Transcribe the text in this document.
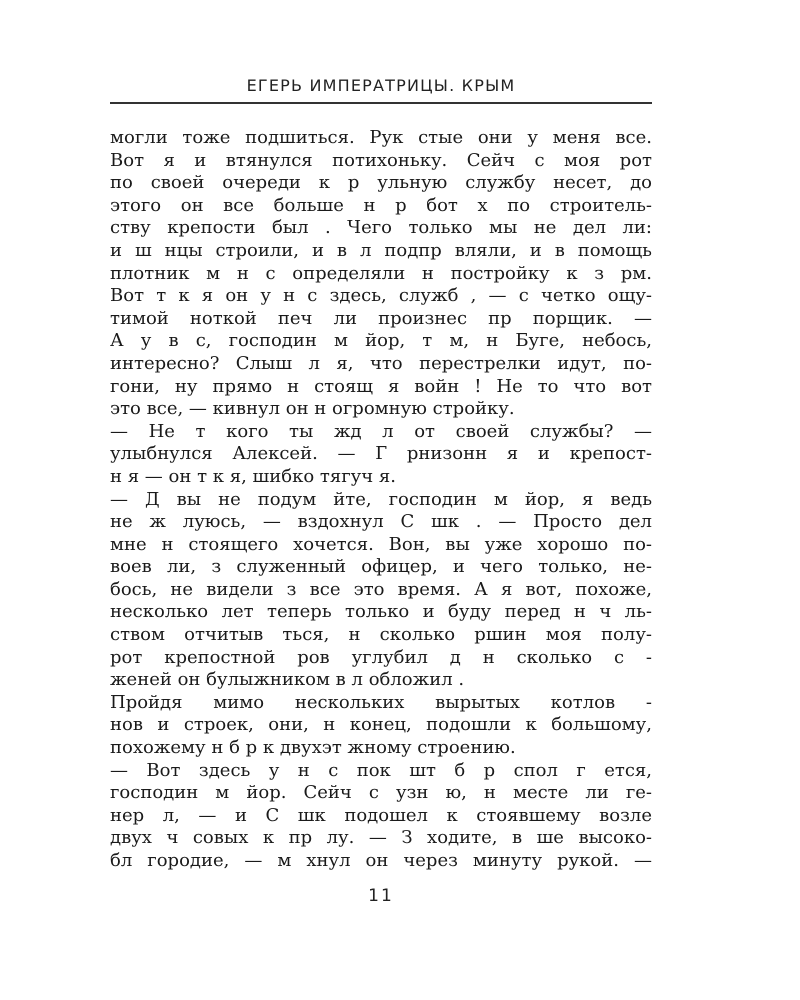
ЕГЕРЬ ИМПЕРАТРИЦЫ. КРЫМ
могли тоже подшиться. Рук стые они у меня все.
Вот я и втянулся потихоньку. Сейч с моя рот
по своей очереди к р ульную службу несет, до
этого он все больше н р бот х по строитель-
ству крепости был . Чего только мы не дел ли:
и ш нцы строили, и в л подпр вляли, и в помощь
плотник м н с определяли н постройку к з рм.
Вот т к я он у н с здесь, служб , — с четко ощу-
тимой ноткой печ ли произнес пр порщик. —
А у в с, господин м йор, т м, н Буге, небось,
интересно? Слыш л я, что перестрелки идут, по-
гони, ну прямо н стоящ я войн ! Не то что вот
это все, — кивнул он н огромную стройку.
— Не т кого ты жд л от своей службы? —
улыбнулся Алексей. — Г рнизонн я и крепост-
н я — он т к я, шибко тягуч я.
— Д вы не подум йте, господин м йор, я ведь
не ж луюсь, — вздохнул С шк . — Просто дел
мне н стоящего хочется. Вон, вы уже хорошо по-
воев ли, з служенный офицер, и чего только, не-
бось, не видели з все это время. А я вот, похоже,
несколько лет теперь только и буду перед н ч ль-
ством отчитыв ться, н сколько ршин моя полу-
рот крепостной ров углубил д н сколько с -
женей он булыжником в л обложил .
Пройдя мимо нескольких вырытых котлов -
нов и строек, они, н конец, подошли к большому,
похожему н б р к двухэт жному строению.
— Вот здесь у н с пок шт б р спол г ется,
господин м йор. Сейч с узн ю, н месте ли ге-
нер л, — и С шк подошел к стоявшему возле
двух ч совых к пр лу. — З ходите, в ше высоко-
бл городие, — м хнул он через минуту рукой. —
11
